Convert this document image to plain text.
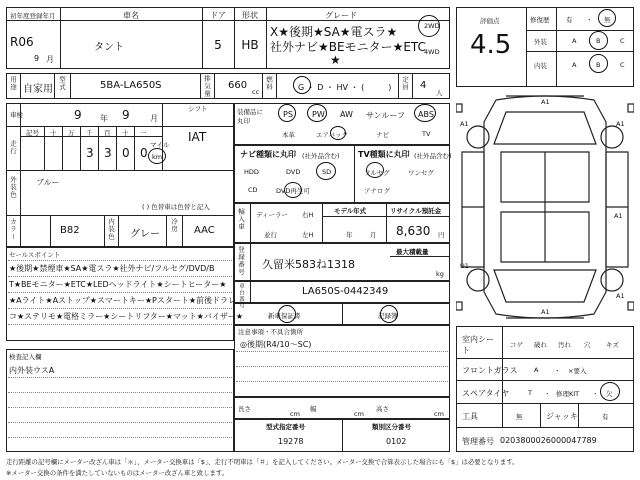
初年度登録年月
R06
9 月
車名
タント
ドア
5
形状
HB
グレード
X★後期★SA★電スラ★
社外ナビ★BEモニター★ETC
★
2WD
4WD
用途 自家用 型式	5BA-LA650S	排気量 660
cc
燃料	G ・ D ・ HV ・ (　　　) 定員 4
人
車検	9 年 9	月
シフト
IAT
走行
記号 十 万 千 百 十 一
3 3 0 0
マイル
km
外装色 ブルー
( ) 色替車は色替と記入
カラー	B82	内装色 グレー
冷房 AAC
装備品に丸印
PS PW AW サンルーフ ABS
本革	エアバック	ナビ	TV
ナビ種類に丸印 (社外品含む)
HDD	DVD	SD
CD	DVD再生可
TV種類に丸印 (社外品含む)
フルセグ	ワンセグ
アナログ
輸入車 ディーラー
並行
右H
左H
モデル年式
年	月
リサイクル預託金
8,630 円
登録番号 久留米583ね1318
最大積載量
kg
車台番号	LA650S-0442349
新車保証書	記録簿
セールスポイント
★後期★禁煙車★SA★電スラ★社外ナビ/フルセグ/DVD/B
T★BEモニター★ETC★LEDヘッドライト★シートヒーター★
★Aライト★Aストップ★スマートキー★Pスタート★前後ドラレ
コ★ステリモ★電格ミラー★シートリフター★マット★バイザー★
検査記入欄
内外装ウスA
注意事項・不具合箇所
◎後期(R4/10〜SC)
長さ
cm
幅
cm
高さ
cm
型式指定番号
19278
類別区分番号
0102
評価点
4.5
修復歴	有 ・ 無
外装	A	B	C
内装	A	B	C
A1
A1	A1
A1
U1
A1
A1
室内シート
コゲ 破れ 汚れ 穴 キズ
フロントガラス	A ・ ×要入
スペアタイヤ	T ・ 修理KIT ・ 欠
工具	無	ジャッキ	有
管理番号 0203800026000047789
走行距離の記号欄にメーター改ざん車は「＊」、メーター交換車は「$」、走行不明車は「＃」を記入してください。メーター交換で合算表示した場合にも「$」は必要となります。
※メーター交換の条件を満たしていないものはメーター改ざん車と致します。
